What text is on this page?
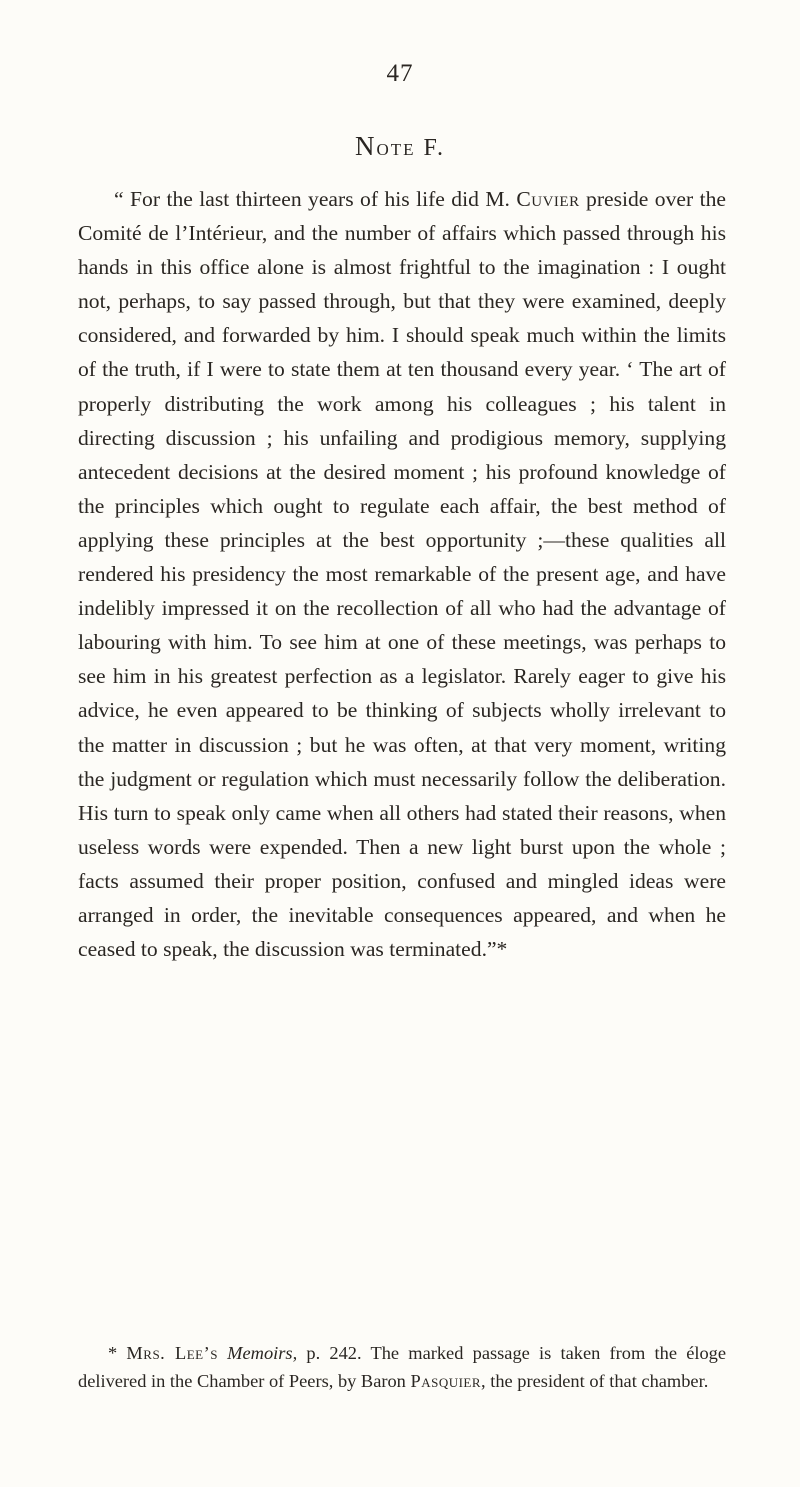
47
Note F.

“ For the last thirteen years of his life did M. Cuvier preside over the Comité de l’Intérieur, and the number of affairs which passed through his hands in this office alone is almost frightful to the imagination : I ought not, perhaps, to say passed through, but that they were examined, deeply considered, and forwarded by him. I should speak much within the limits of the truth, if I were to state them at ten thousand every year. ‘ The art of properly distributing the work among his colleagues ; his talent in directing discussion ; his unfailing and prodigious memory, supplying antecedent decisions at the desired moment ; his profound knowledge of the principles which ought to regulate each affair, the best method of applying these principles at the best opportunity ;—these qualities all rendered his presidency the most remarkable of the present age, and have indelibly impressed it on the recollection of all who had the advantage of labouring with him. To see him at one of these meetings, was perhaps to see him in his greatest perfection as a legislator. Rarely eager to give his advice, he even appeared to be thinking of subjects wholly irrelevant to the matter in discussion ; but he was often, at that very moment, writing the judgment or regulation which must necessarily follow the deliberation. His turn to speak only came when all others had stated their reasons, when useless words were expended. Then a new light burst upon the whole ; facts assumed their proper position, confused and mingled ideas were arranged in order, the inevitable consequences appeared, and when he ceased to speak, the discussion was terminated.”*

* Mrs. Lee’s Memoirs, p. 242. The marked passage is taken from the éloge delivered in the Chamber of Peers, by Baron Pasquier, the president of that chamber.
